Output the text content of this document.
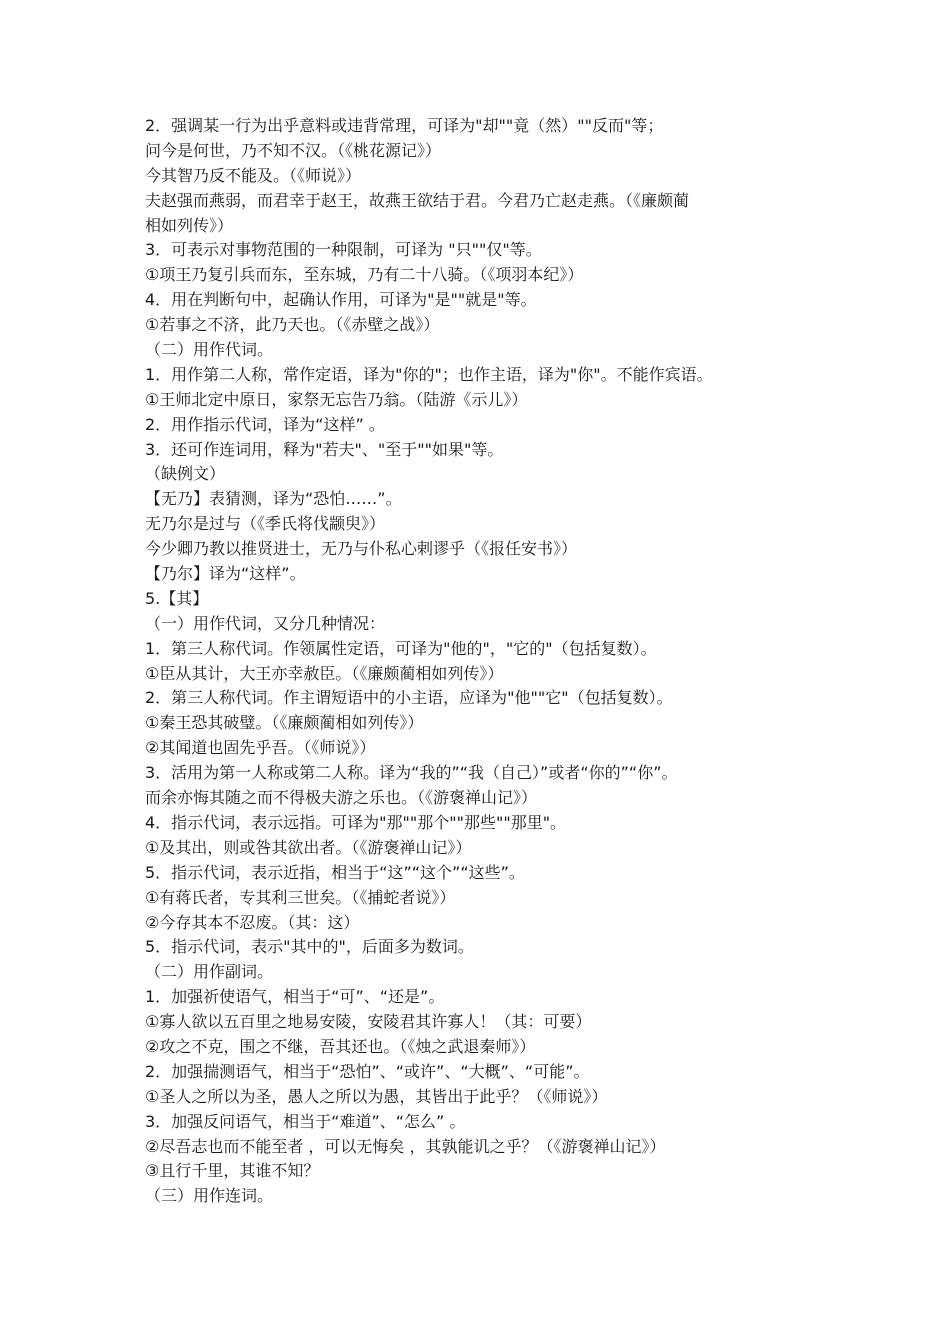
2．强调某一行为出乎意料或违背常理，可译为"却""竟（然）""反而"等；
问今是何世，乃不知不汉。（《桃花源记》）
今其智乃反不能及。（《师说》）
夫赵强而燕弱，而君幸于赵王，故燕王欲结于君。今君乃亡赵走燕。（《廉颇蔺
相如列传》）
3．可表示对事物范围的一种限制，可译为 "只""仅"等。
①项王乃复引兵而东，至东城，乃有二十八骑。（《项羽本纪》）
4．用在判断句中，起确认作用，可译为"是""就是"等。
①若事之不济，此乃天也。（《赤壁之战》）
（二）用作代词。
1．用作第二人称，常作定语，译为"你的"；也作主语，译为"你"。不能作宾语。
①王师北定中原日，家祭无忘告乃翁。（陆游《示儿》）
2．用作指示代词，译为“这样” 。
3．还可作连词用，释为"若夫"、"至于""如果"等。
（缺例文）
【无乃】表猜测，译为“恐怕……”。
无乃尔是过与（《季氏将伐颛臾》）
今少卿乃教以推贤进士，无乃与仆私心剌谬乎（《报任安书》）
【乃尔】译为“这样”。
5.【其】
（一）用作代词，又分几种情况：
1．第三人称代词。作领属性定语，可译为"他的"，"它的"（包括复数）。
①臣从其计，大王亦幸赦臣。（《廉颇蔺相如列传》）
2．第三人称代词。作主谓短语中的小主语，应译为"他""它"（包括复数）。
①秦王恐其破璧。（《廉颇蔺相如列传》）
②其闻道也固先乎吾。（《师说》）
3．活用为第一人称或第二人称。译为“我的”“我（自己）”或者“你的”“你”。
而余亦悔其随之而不得极夫游之乐也。（《游褒禅山记》）
4．指示代词，表示远指。可译为"那""那个""那些""那里"。
①及其出，则或咎其欲出者。（《游褒禅山记》）
5．指示代词，表示近指，相当于“这”“这个”“这些”。
①有蒋氏者，专其利三世矣。（《捕蛇者说》）
②今存其本不忍废。（其：这）
5．指示代词，表示"其中的"，后面多为数词。
（二）用作副词。
1．加强祈使语气，相当于“可”、“还是”。
①寡人欲以五百里之地易安陵，安陵君其许寡人！（其：可要）
②攻之不克，围之不继，吾其还也。（《烛之武退秦师》）
2．加强揣测语气，相当于“恐怕”、“或许”、“大概”、“可能”。
①圣人之所以为圣，愚人之所以为愚，其皆出于此乎？（《师说》）
3．加强反问语气，相当于“难道”、“怎么” 。
②尽吾志也而不能至者 ，可以无悔矣 ，其孰能讥之乎？（《游褒禅山记》）
③且行千里，其谁不知？
（三）用作连词。
